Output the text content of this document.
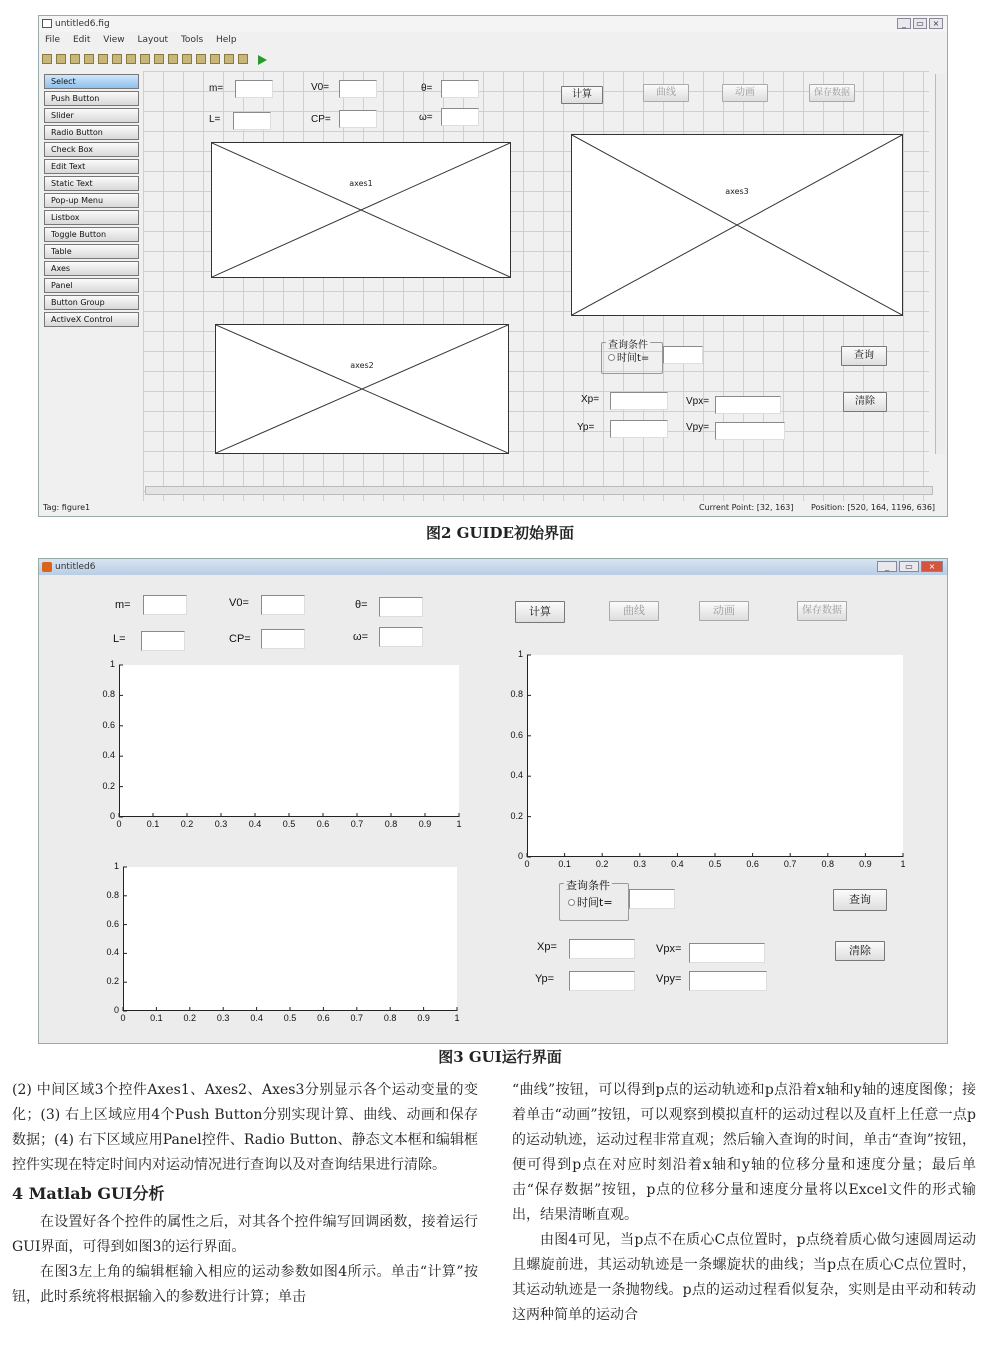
untitled6.fig	_	▭	×
File Edit View Layout Tools Help

Select
Push Button
Slider
Radio Button
Check Box
Edit Text
Static Text
Pop-up Menu
Listbox
Toggle Button
Table
Axes
Panel
Button Group
ActiveX Control
m=	V0=	θ=
L=	CP=	ω=
计算	曲线	动画	保存数据
axes1
axes2
axes3
查询条件
时间t=	查询
清除
Xp=	Vpx=
Yp=	Vpy=
Tag: figure1	Current Point: [32, 163] Position: [520, 164, 1196, 636]
图2 GUIDE初始界面
untitled6	_	▭	×
m=	V0=	θ=
L=	CP=	ω=
计算	曲线	动画	保存数据
0	0.1	0.2	0.3	0.4	0.5	0.6	0.7	0.8	0.9	1
0
0.2
0.4
0.6
0.8
1
0	0.1	0.2	0.3	0.4	0.5	0.6	0.7	0.8	0.9	1
0
0.2
0.4
0.6
0.8
1	0	0.1	0.2	0.3	0.4	0.5	0.6	0.7	0.8	0.9	1
0
0.2
0.4
0.6
0.8
1
查询条件
时间t=	查询
清除
Xp=	Vpx=
Yp=	Vpy=
图3 GUI运行界面

(2) 中间区域3个控件Axes1、Axes2、Axes3分别显示各个运动变量的变化；(3) 右上区域应用4个Push Button分别实现计算、曲线、动画和保存数据；(4) 右下区域应用Panel控件、Radio Button、静态文本框和编辑框控件实现在特定时间内对运动情况进行查询以及对查询结果进行清除。

4 Matlab GUI分析

在设置好各个控件的属性之后，对其各个控件编写回调函数，接着运行GUI界面，可得到如图3的运行界面。

在图3左上角的编辑框输入相应的运动参数如图4所示。单击“计算”按钮，此时系统将根据输入的参数进行计算；单击

“曲线”按钮，可以得到p点的运动轨迹和p点沿着x轴和y轴的速度图像；接着单击“动画”按钮，可以观察到模拟直杆的运动过程以及直杆上任意一点p的运动轨迹，运动过程非常直观；然后输入查询的时间，单击“查询”按钮，便可得到p点在对应时刻沿着x轴和y轴的位移分量和速度分量；最后单击“保存数据”按钮，p点的位移分量和速度分量将以Excel文件的形式输出，结果清晰直观。

由图4可见，当p点不在质心C点位置时，p点绕着质心做匀速圆周运动且螺旋前进，其运动轨迹是一条螺旋状的曲线；当p点在质心C点位置时，其运动轨迹是一条抛物线。p点的运动过程看似复杂，实则是由平动和转动这两种简单的运动合
